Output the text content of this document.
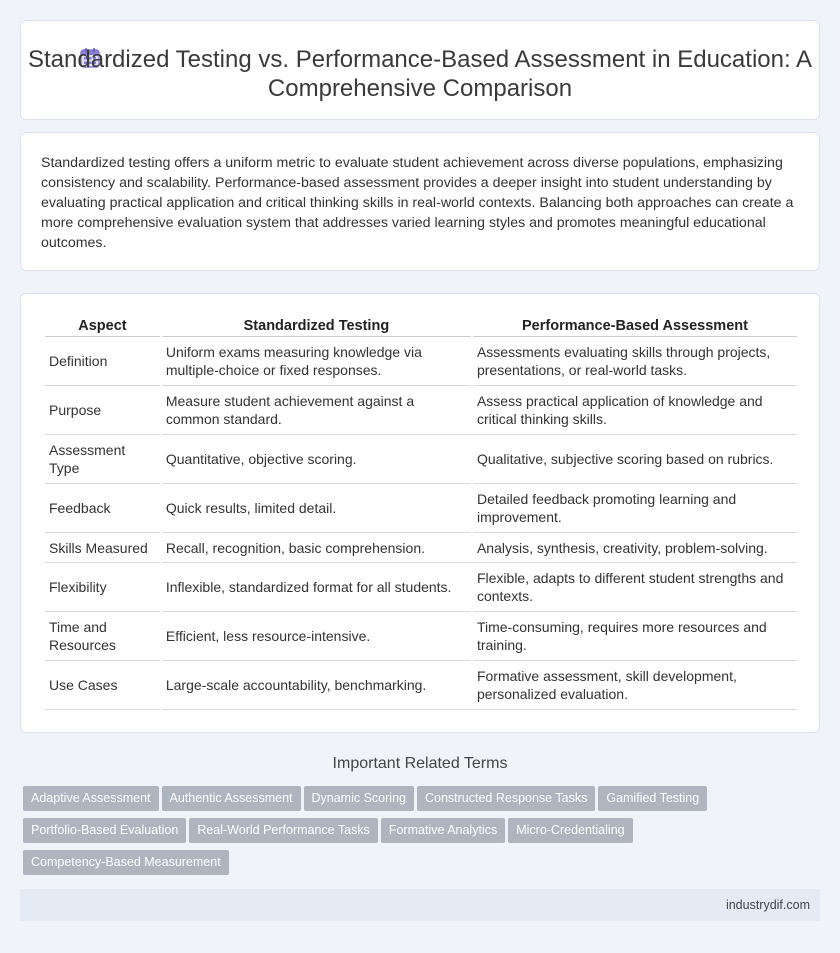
Standardized Testing vs. Performance-Based Assessment in Education: A Comprehensive Comparison

Standardized testing offers a uniform metric to evaluate student achievement across diverse populations, emphasizing consistency and scalability. Performance-based assessment provides a deeper insight into student understanding by evaluating practical application and critical thinking skills in real-world contexts. Balancing both approaches can create a more comprehensive evaluation system that addresses varied learning styles and promotes meaningful educational outcomes.

Aspect	Standardized Testing	Performance-Based Assessment
Definition	Uniform exams measuring knowledge via multiple-choice or fixed responses.	Assessments evaluating skills through projects, presentations, or real-world tasks.
Purpose	Measure student achievement against a common standard.	Assess practical application of knowledge and critical thinking skills.
Assessment Type	Quantitative, objective scoring.	Qualitative, subjective scoring based on rubrics.
Feedback	Quick results, limited detail.	Detailed feedback promoting learning and improvement.
Skills Measured	Recall, recognition, basic comprehension.	Analysis, synthesis, creativity, problem-solving.
Flexibility	Inflexible, standardized format for all students.	Flexible, adapts to different student strengths and contexts.
Time and Resources	Efficient, less resource-intensive.	Time-consuming, requires more resources and training.
Use Cases	Large-scale accountability, benchmarking.	Formative assessment, skill development, personalized evaluation.
Important Related Terms
Adaptive Assessment Authentic Assessment Dynamic Scoring Constructed Response Tasks Gamified Testing
Portfolio-Based Evaluation Real-World Performance Tasks Formative Analytics Micro-Credentialing
Competency-Based Measurement
industrydif.com
